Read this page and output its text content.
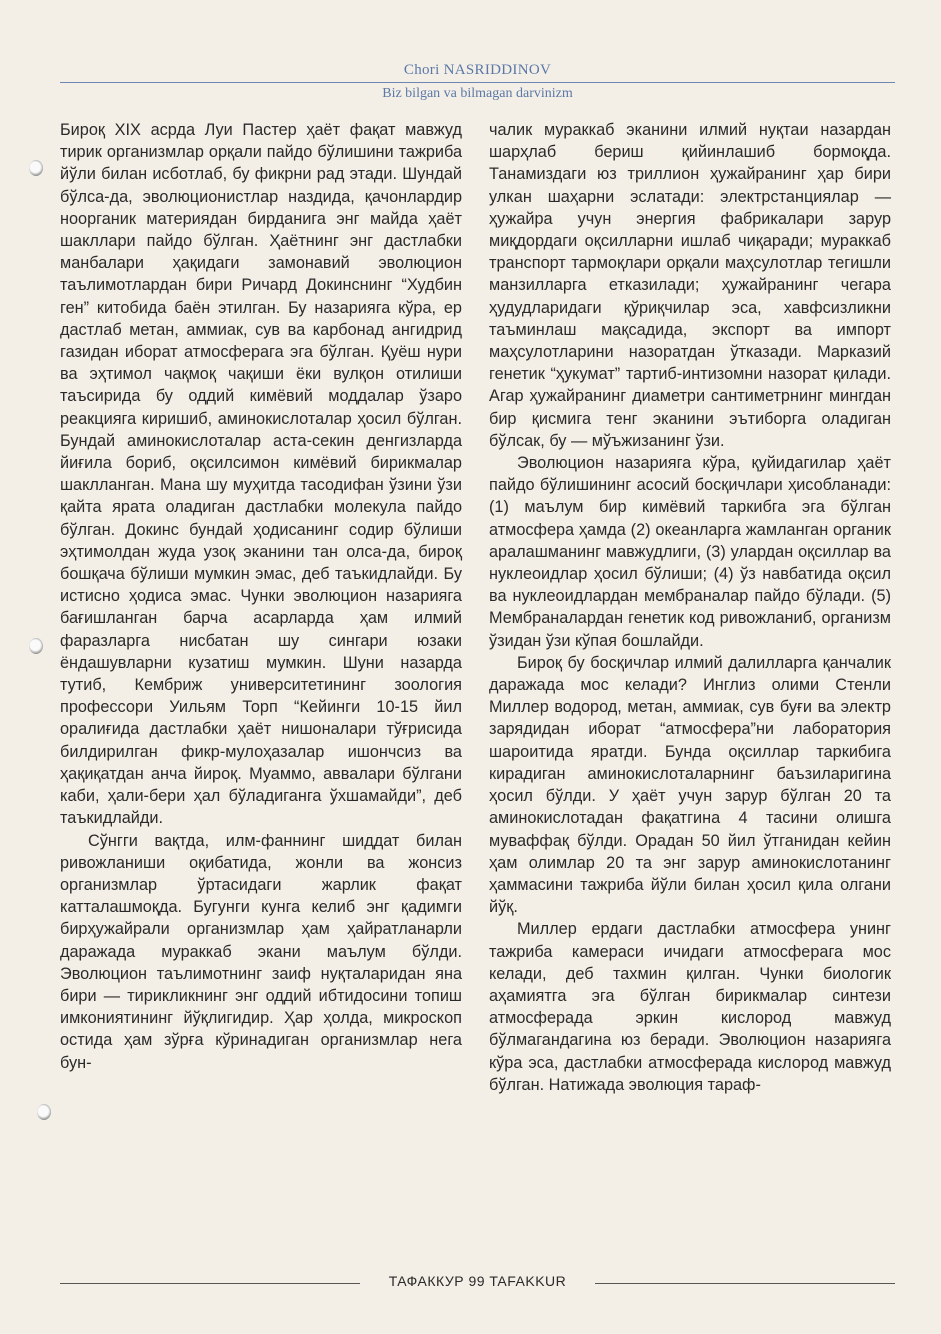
Chori NASRIDDINOV
Biz bilgan va bilmagan darvinizm

Бироқ XIX асрда Луи Пастер ҳаёт фақат мавжуд тирик организмлар орқали пайдо бўлишини тажриба йўли билан исботлаб, бу фикрни рад этади. Шундай бўлса-да, эволюционистлар наздида, қачонлардир ноорганик материядан бирданига энг майда ҳаёт шакллари пайдо бўлган. Ҳаётнинг энг дастлабки манбалари ҳақидаги замонавий эволюцион таълимотлардан бири Ричард Докинснинг “Худбин ген” китобида баён этилган. Бу назарияга кўра, ер дастлаб метан, аммиак, сув ва карбонад ангидрид газидан иборат атмосферага эга бўлган. Қуёш нури ва эҳтимол чақмоқ чақиши ёки вулқон отилиши таъсирида бу оддий кимёвий моддалар ўзаро реакцияга киришиб, аминокислоталар ҳосил бўлган. Бундай аминокислоталар аста-секин денгизларда йиғила бориб, оқсилсимон кимёвий бирикмалар шаклланган. Мана шу муҳитда тасодифан ўзини ўзи қайта ярата оладиган дастлабки молекула пайдо бўлган. Докинс бундай ҳодисанинг содир бўлиши эҳтимолдан жуда узоқ эканини тан олса-да, бироқ бошқача бўлиши мумкин эмас, деб таъкидлайди. Бу истисно ҳодиса эмас. Чунки эволюцион назарияга бағишланган барча асарларда ҳам илмий фаразларга нисбатан шу сингари юзаки ёндашувларни кузатиш мумкин. Шуни назарда тутиб, Кембриж университетининг зоология профессори Уильям Торп “Кейинги 10-15 йил оралиғида дастлабки ҳаёт нишоналари тўғрисида билдирилган фикр-мулоҳазалар ишончсиз ва ҳақиқатдан анча йироқ. Муаммо, аввалари бўлгани каби, ҳали-бери ҳал бўладиганга ўхшамайди”, деб таъкидлайди.

Сўнгги вақтда, илм-фаннинг шиддат билан ривожланиши оқибатида, жонли ва жонсиз организмлар ўртасидаги жарлик фақат катталашмоқда. Бугунги кунга келиб энг қадимги бирҳужайрали организмлар ҳам ҳайратланарли даражада мураккаб экани маълум бўлди. Эволюцион таълимотнинг заиф нуқталаридан яна бири — тирикликнинг энг оддий ибтидосини топиш имкониятининг йўқлигидир. Ҳар ҳолда, микроскоп остида ҳам зўрға кўринадиган организмлар нега бун-

чалик мураккаб эканини илмий нуқтаи назардан шарҳлаб бериш қийинлашиб бормоқда. Танамиздаги юз триллион ҳужайранинг ҳар бири улкан шаҳарни эслатади: электрстанциялар — ҳужайра учун энергия фабрикалари зарур миқдордаги оқсилларни ишлаб чиқаради; мураккаб транспорт тармоқлари орқали маҳсулотлар тегишли манзилларга етказилади; ҳужайранинг чегара ҳудудларидаги қўриқчилар эса, хавфсизликни таъминлаш мақсадида, экспорт ва импорт маҳсулотларини назоратдан ўтказади. Марказий генетик “ҳукумат” тартиб-интизомни назорат қилади. Агар ҳужайранинг диаметри сантиметрнинг мингдан бир қисмига тенг эканини эътиборга оладиган бўлсак, бу — мўъжизанинг ўзи.

Эволюцион назарияга кўра, қуйидагилар ҳаёт пайдо бўлишининг асосий босқичлари ҳисобланади: (1) маълум бир кимёвий таркибга эга бўлган атмосфера ҳамда (2) океанларга жамланган органик аралашманинг мавжудлиги, (3) улардан оқсиллар ва нуклеоидлар ҳосил бўлиши; (4) ўз навбатида оқсил ва нуклеоидлардан мембраналар пайдо бўлади. (5) Мембраналардан генетик код ривожланиб, организм ўзидан ўзи кўпая бошлайди.

Бироқ бу босқичлар илмий далилларга қанчалик даражада мос келади? Инглиз олими Стенли Миллер водород, метан, аммиак, сув буғи ва электр зарядидан иборат “атмосфера”ни лаборатория шароитида яратди. Бунда оқсиллар таркибига кирадиган аминокислоталарнинг баъзиларигина ҳосил бўлди. У ҳаёт учун зарур бўлган 20 та аминокислотадан фақатгина 4 тасини олишга муваффақ бўлди. Орадан 50 йил ўтганидан кейин ҳам олимлар 20 та энг зарур аминокислотанинг ҳаммасини тажриба йўли билан ҳосил қила олгани йўқ.

Миллер ердаги дастлабки атмосфера унинг тажриба камераси ичидаги атмосферага мос келади, деб тахмин қилган. Чунки биологик аҳамиятга эга бўлган бирикмалар синтези атмосферада эркин кислород мавжуд бўлмагандагина юз беради. Эволюцион назарияга кўра эса, дастлабки атмосферада кислород мавжуд бўлган. Натижада эволюция тараф-

ТАФАККУР 99 TAFAKKUR
